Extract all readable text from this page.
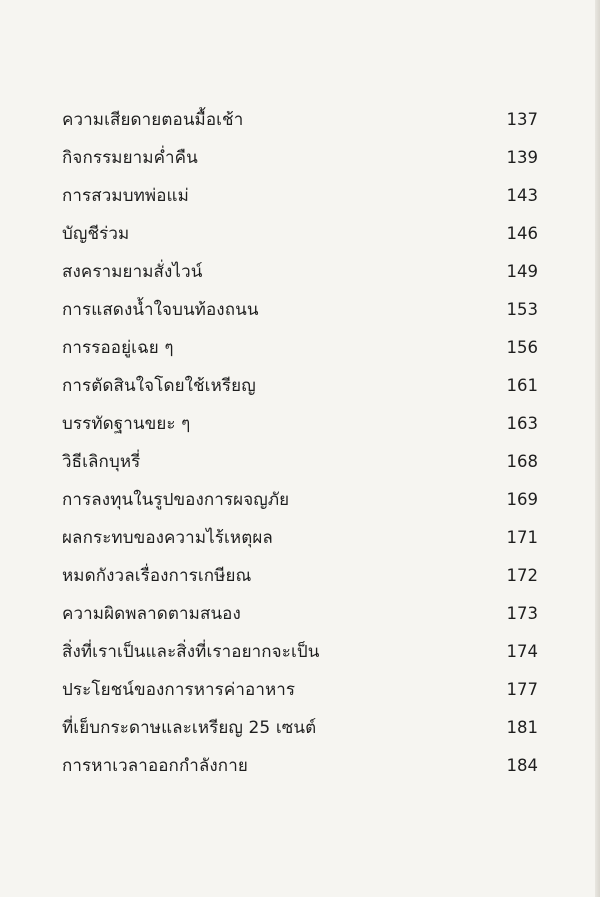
ความเสียดายตอนมื้อเช้า	137
กิจกรรมยามค่ำคืน	139
การสวมบทพ่อแม่	143
บัญชีร่วม	146
สงครามยามสั่งไวน์	149
การแสดงน้ำใจบนท้องถนน	153
การรออยู่เฉย ๆ	156
การตัดสินใจโดยใช้เหรียญ	161
บรรทัดฐานขยะ ๆ	163
วิธีเลิกบุหรี่	168
การลงทุนในรูปของการผจญภัย	169
ผลกระทบของความไร้เหตุผล	171
หมดกังวลเรื่องการเกษียณ	172
ความผิดพลาดตามสนอง	173
สิ่งที่เราเป็นและสิ่งที่เราอยากจะเป็น	174
ประโยชน์ของการหารค่าอาหาร	177
ที่เย็บกระดาษและเหรียญ 25 เซนต์	181
การหาเวลาออกกำลังกาย	184
